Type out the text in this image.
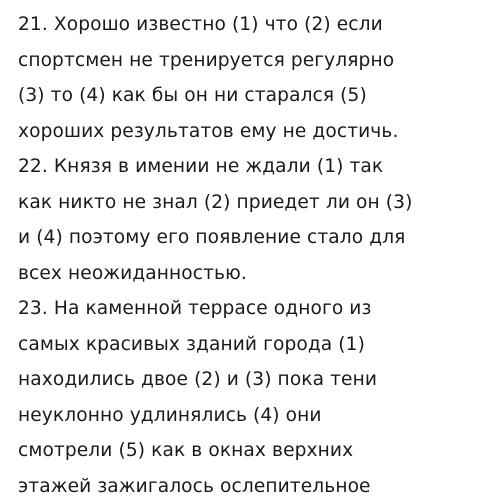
21. Хорошо известно (1) что (2) если
спортсмен не тренируется регулярно
(3) то (4) как бы он ни старался (5)
хороших результатов ему не достичь.
22. Князя в имении не ждали (1) так
как никто не знал (2) приедет ли он (3)
и (4) поэтому его появление стало для
всех неожиданностью.
23. На каменной террасе одного из
самых красивых зданий города (1)
находились двое (2) и (3) пока тени
неуклонно удлинялись (4) они
смотрели (5) как в окнах верхних
этажей зажигалось ослепительное
